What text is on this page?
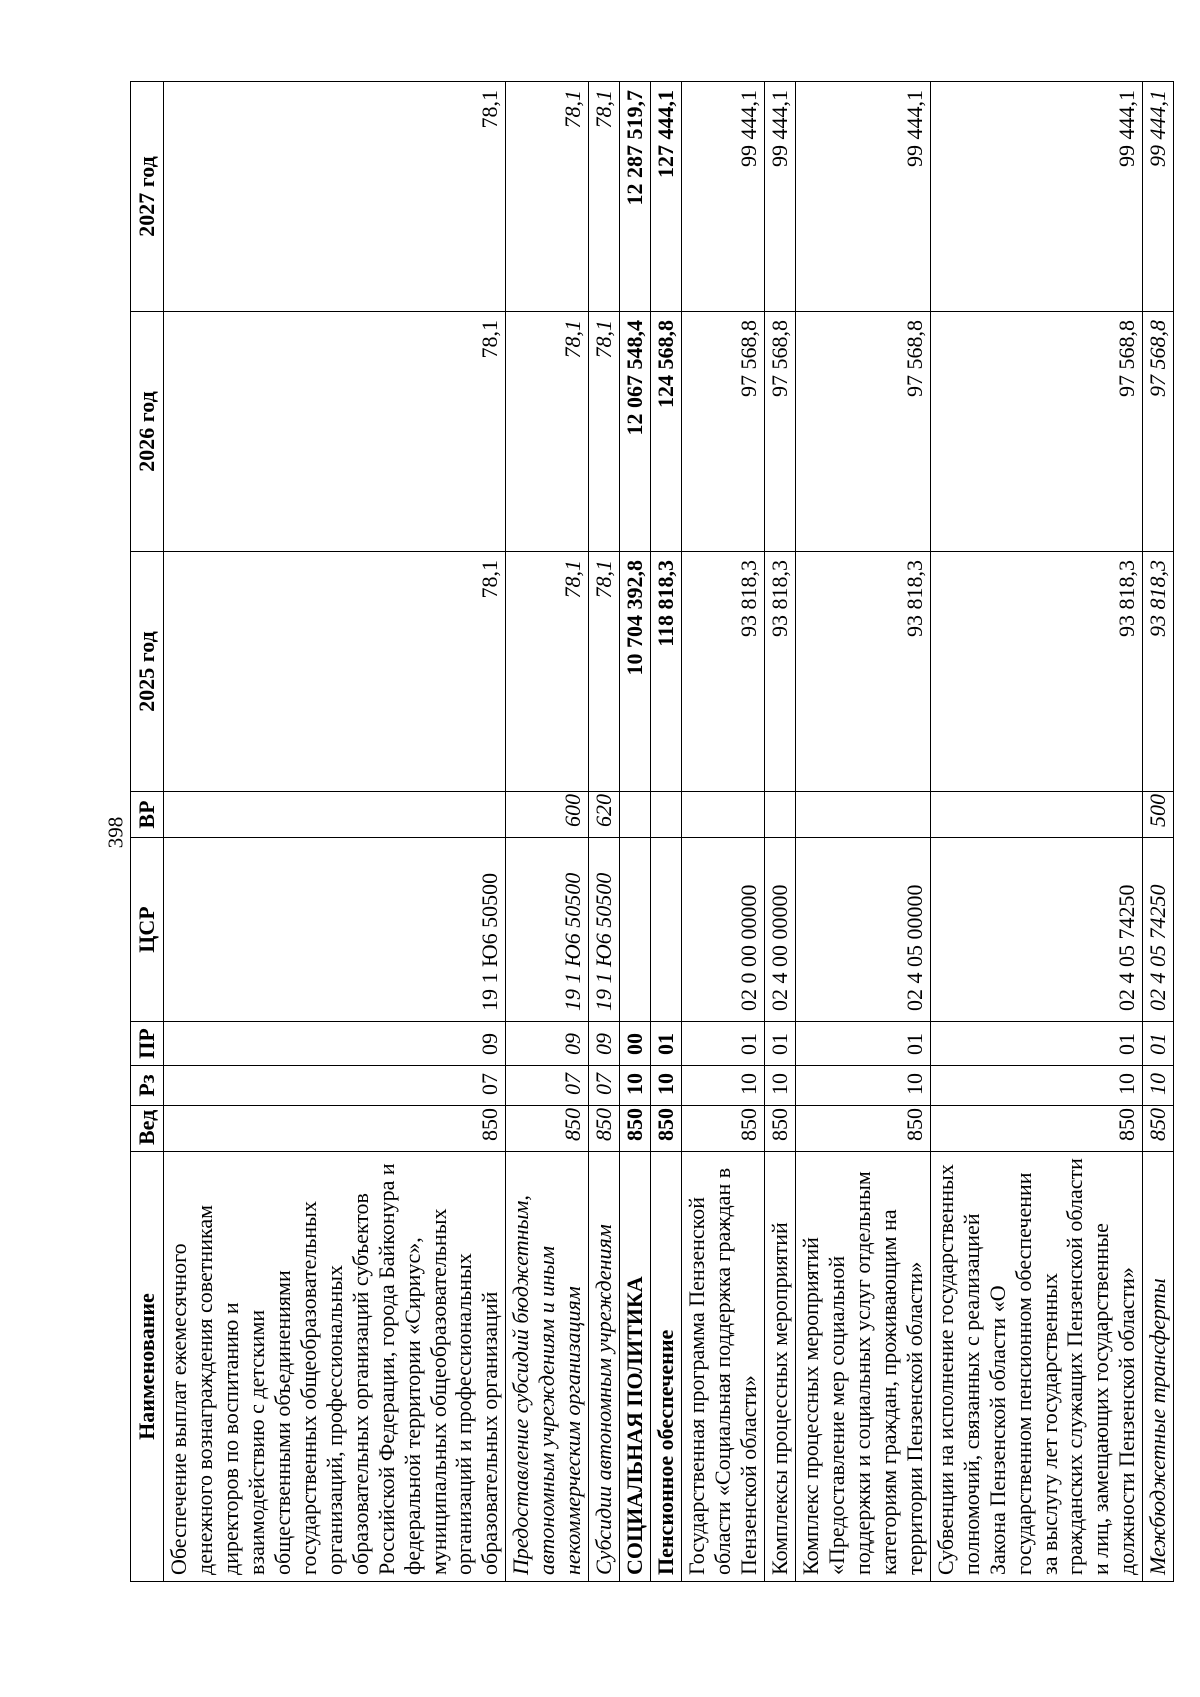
398
Наименование	Вед	Рз	ПР	ЦСР	ВР	2025 год	2026 год	2027 год
Обеспечение выплат ежемесячного денежного вознаграждения советникам директоров по воспитанию и взаимодействию с детскими общественными объединениями государственных общеобразовательных организаций, профессиональных образовательных организаций субъектов Российской Федерации, города Байконура и федеральной территории «Сириус», муниципальных общеобразовательных организаций и профессиональных образовательных организаций	850	07	09	19 1 Ю6 50500		78,1	78,1	78,1
Предоставление субсидий бюджетным, автономным учреждениям и иным некоммерческим организациям	850	07	09	19 1 Ю6 50500	600	78,1	78,1	78,1
Субсидии автономным учреждениям	850	07	09	19 1 Ю6 50500	620	78,1	78,1	78,1
СОЦИАЛЬНАЯ ПОЛИТИКА	850	10	00			10 704 392,8	12 067 548,4	12 287 519,7
Пенсионное обеспечение	850	10	01			118 818,3	124 568,8	127 444,1
Государственная программа Пензенской области «Социальная поддержка граждан в Пензенской области»	850	10	01	02 0 00 00000		93 818,3	97 568,8	99 444,1
Комплексы процессных мероприятий	850	10	01	02 4 00 00000		93 818,3	97 568,8	99 444,1
Комплекс процессных мероприятий «Предоставление мер социальной поддержки и социальных услуг отдельным категориям граждан, проживающим на территории Пензенской области»	850	10	01	02 4 05 00000		93 818,3	97 568,8	99 444,1
Субвенции на исполнение государственных полномочий, связанных с реализацией Закона Пензенской области «О государственном пенсионном обеспечении за выслугу лет государственных гражданских служащих Пензенской области и лиц, замещающих государственные должности Пензенской области»	850	10	01	02 4 05 74250		93 818,3	97 568,8	99 444,1
Межбюджетные трансферты	850	10	01	02 4 05 74250	500	93 818,3	97 568,8	99 444,1
